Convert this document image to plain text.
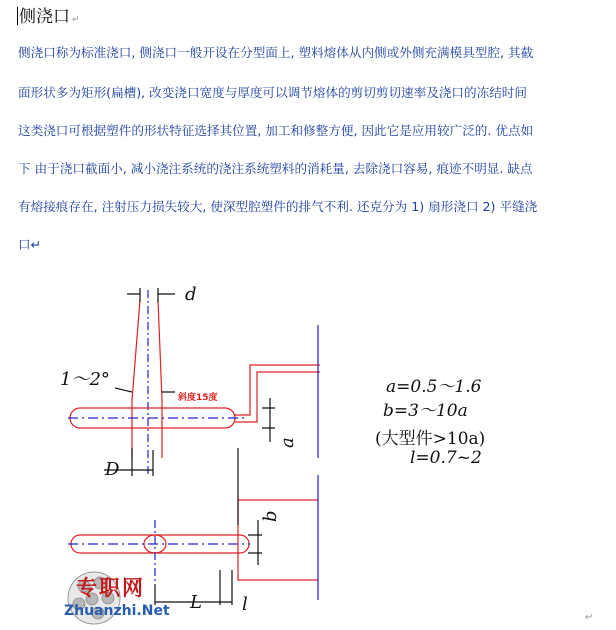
侧浇口 ↵
侧浇口称为标准浇口, 侧浇口一般开设在分型面上, 塑料熔体从内侧或外侧充满模具型腔, 其截
面形状多为矩形(扁槽), 改变浇口宽度与厚度可以调节熔体的剪切剪切速率及浇口的冻结时间
这类浇口可根据塑件的形状特征选择其位置, 加工和修整方便, 因此它是应用较广泛的. 优点如
下 由于浇口截面小, 减小浇注系统的浇注系统塑料的消耗量, 去除浇口容易, 痕迹不明显. 缺点
有熔接痕存在, 注射压力损失较大, 使深型腔塑件的排气不利. 还克分为 1) 扇形浇口 2) 平缝浇
口↵
d
1～2°
a
D
b
L l
斜度15度
a=0.5～1.6
b=3～10a
(大型件>10a)
l=0.7~2
专职网
Zhuanzhi.Net	↵
